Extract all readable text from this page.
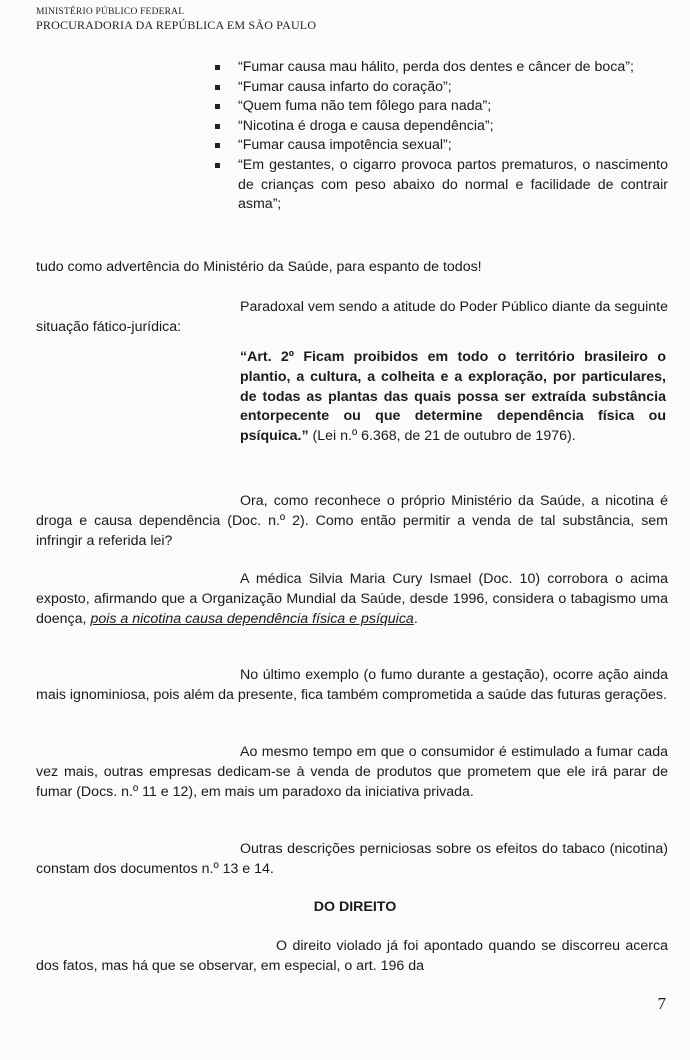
MINISTÉRIO PÚBLICO FEDERAL
PROCURADORIA DA REPÚBLICA EM SÃO PAULO
“Fumar causa mau hálito, perda dos dentes e câncer de boca”;
“Fumar causa infarto do coração”;
“Quem fuma não tem fôlego para nada”;
“Nicotina é droga e causa dependência”;
“Fumar causa impotência sexual”;
“Em gestantes, o cigarro provoca partos prematuros, o nascimento de crianças com peso abaixo do normal e facilidade de contrair asma”;

tudo como advertência do Ministério da Saúde, para espanto de todos!

Paradoxal vem sendo a atitude do Poder Público diante da seguinte situação fático-jurídica:

“Art. 2º Ficam proibidos em todo o território brasileiro o plantio, a cultura, a colheita e a exploração, por particulares, de todas as plantas das quais possa ser extraída substância entorpecente ou que determine dependência física ou psíquica.” (Lei n.º 6.368, de 21 de outubro de 1976).

Ora, como reconhece o próprio Ministério da Saúde, a nicotina é droga e causa dependência (Doc. n.º 2). Como então permitir a venda de tal substância, sem infringir a referida lei?

A médica Silvia Maria Cury Ismael (Doc. 10) corrobora o acima exposto, afirmando que a Organização Mundial da Saúde, desde 1996, considera o tabagismo uma doença, pois a nicotina causa dependência física e psíquica.

No último exemplo (o fumo durante a gestação), ocorre ação ainda mais ignominiosa, pois além da presente, fica também comprometida a saúde das futuras gerações.

Ao mesmo tempo em que o consumidor é estimulado a fumar cada vez mais, outras empresas dedicam-se à venda de produtos que prometem que ele irá parar de fumar (Docs. n.º 11 e 12), em mais um paradoxo da iniciativa privada.

Outras descrições perniciosas sobre os efeitos do tabaco (nicotina) constam dos documentos n.º 13 e 14.

DO DIREITO

O direito violado já foi apontado quando se discorreu acerca dos fatos, mas há que se observar, em especial, o art. 196 da

7
